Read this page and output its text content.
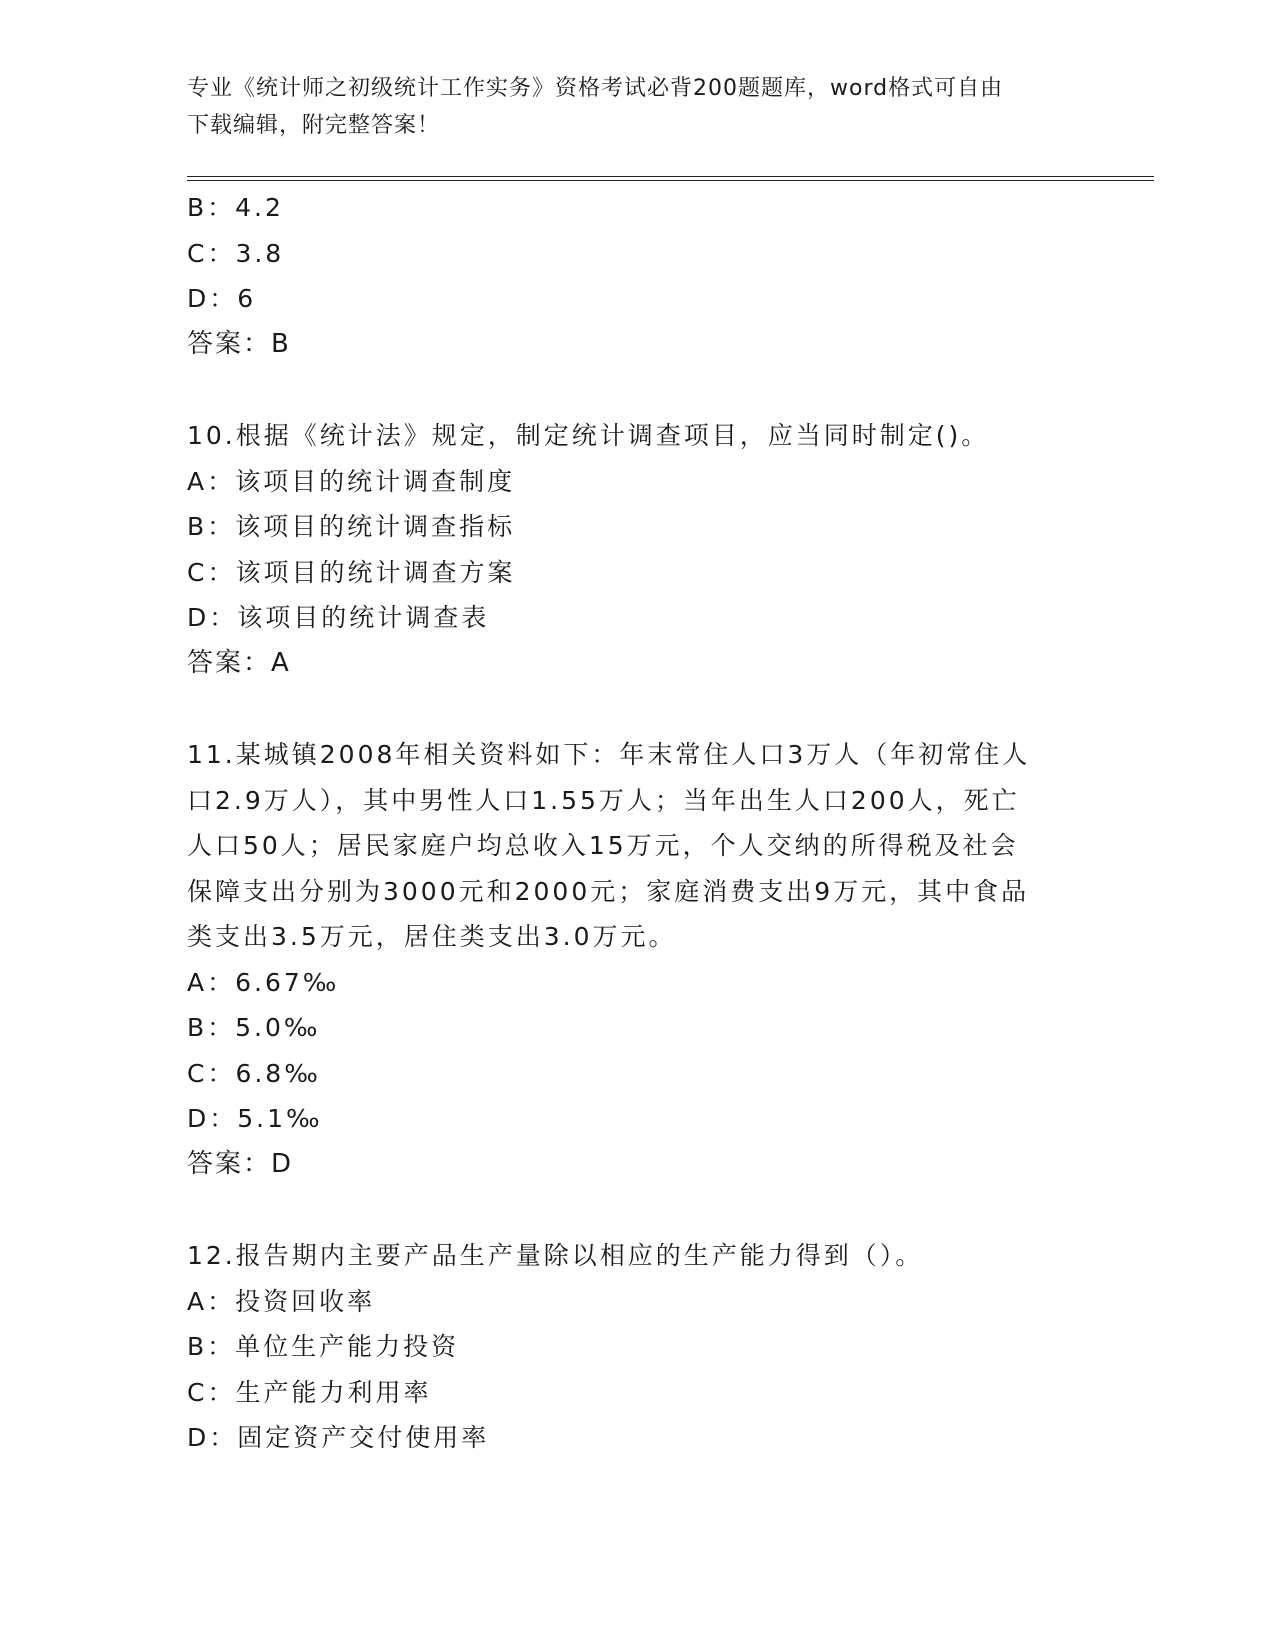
专业《统计师之初级统计工作实务》资格考试必背200题题库，word格式可自由

下载编辑，附完整答案！

B：4.2
C：3.8
D：6
答案：B
10.根据《统计法》规定，制定统计调查项目，应当同时制定()。
A：该项目的统计调查制度
B：该项目的统计调查指标
C：该项目的统计调查方案
D：该项目的统计调查表
答案：A
11.某城镇2008年相关资料如下：年末常住人口3万人（年初常住人
口2.9万人），其中男性人口1.55万人；当年出生人口200人，死亡
人口50人；居民家庭户均总收入15万元，个人交纳的所得税及社会
保障支出分别为3000元和2000元；家庭消费支出9万元，其中食品
类支出3.5万元，居住类支出3.0万元。
A：6.67‰
B：5.0‰
C：6.8‰
D：5.1‰
答案：D
12.报告期内主要产品生产量除以相应的生产能力得到（）。
A：投资回收率
B：单位生产能力投资
C：生产能力利用率
D：固定资产交付使用率
